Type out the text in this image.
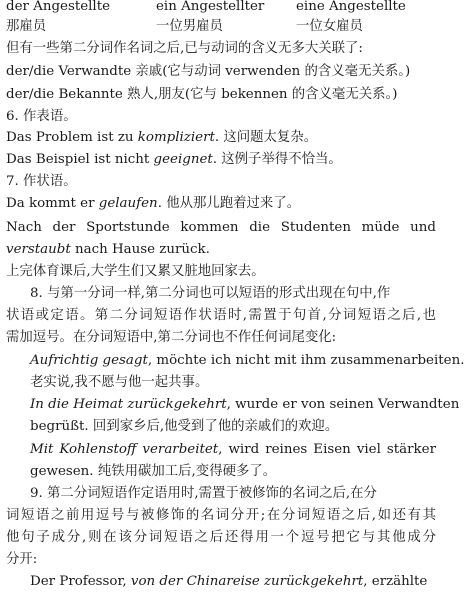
der Angestellte	ein Angestellter	eine Angestellte
那雇员	一位男雇员	一位女雇员
但有一些第二分词作名词之后,已与动词的含义无多大关联了:
der/die Verwandte 亲戚(它与动词 verwenden 的含义毫无关系。)
der/die Bekannte 熟人,朋友(它与 bekennen 的含义毫无关系。)
6. 作表语。
Das Problem ist zu kompliziert. 这问题太复杂。
Das Beispiel ist nicht geeignet. 这例子举得不恰当。
7. 作状语。
Da kommt er gelaufen. 他从那儿跑着过来了。
Nach der Sportstunde kommen die Studenten müde und
verstaubt nach Hause zurück.
上完体育课后,大学生们又累又脏地回家去。
8. 与第一分词一样,第二分词也可以短语的形式出现在句中,作
状语或定语。第二分词短语作状语时,需置于句首,分词短语之后,也
需加逗号。在分词短语中,第二分词也不作任何词尾变化:
Aufrichtig gesagt, möchte ich nicht mit ihm zusammenarbeiten.
老实说,我不愿与他一起共事。
In die Heimat zurückgekehrt, wurde er von seinen Verwandten
begrüßt. 回到家乡后,他受到了他的亲戚们的欢迎。
Mit Kohlenstoff verarbeitet, wird reines Eisen viel stärker
gewesen. 纯铁用碳加工后,变得硬多了。
9. 第二分词短语作定语用时,需置于被修饰的名词之后,在分
词短语之前用逗号与被修饰的名词分开;在分词短语之后,如还有其
他句子成分,则在该分词短语之后还得用一个逗号把它与其他成分
分开:
Der Professor, von der Chinareise zurückgekehrt, erzählte
